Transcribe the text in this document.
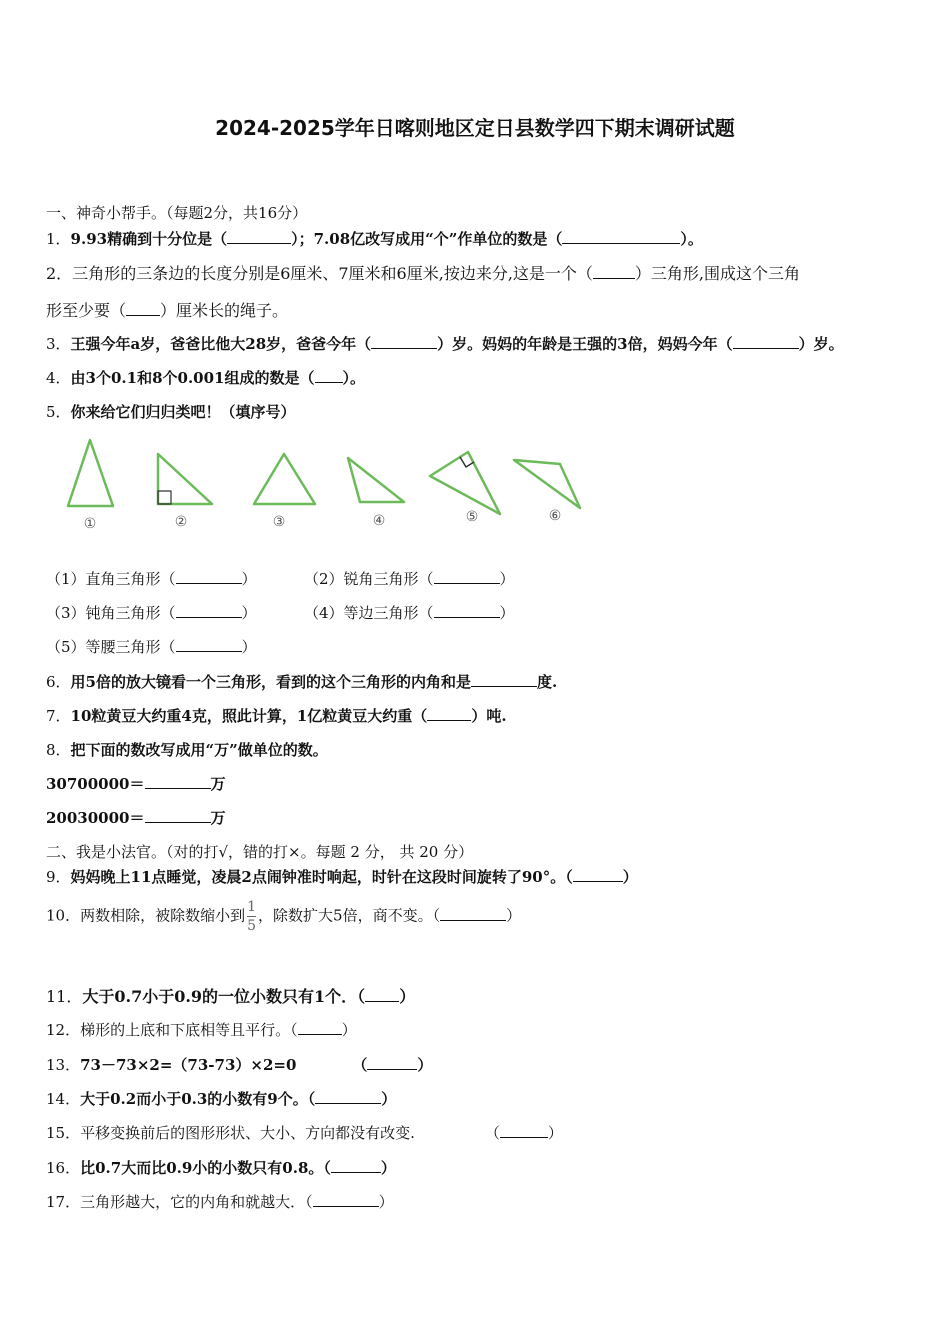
2024-2025学年日喀则地区定日县数学四下期末调研试题
一、神奇小帮手。（每题2分，共16分）
1．9.93精确到十分位是（	）；7.08亿改写成用“个”作单位的数是（	）。
2．三角形的三条边的长度分别是6厘米、7厘米和6厘米,按边来分,这是一个（	）三角形,围成这个三角
形至少要（ ）厘米长的绳子。
3．王强今年a岁，爸爸比他大28岁，爸爸今年（	）岁。妈妈的年龄是王强的3倍，妈妈今年（	）岁。
4．由3个0.1和8个0.001组成的数是（ ）。
5．你来给它们归归类吧！（填序号）
①	②	③	④	⑤	⑥
（1）直角三角形（	）	（2）锐角三角形（	）
（3）钝角三角形（	）	（4）等边三角形（	）
（5）等腰三角形（	）
6．用5倍的放大镜看一个三角形，看到的这个三角形的内角和是	度.
7．10粒黄豆大约重4克，照此计算，1亿粒黄豆大约重（	）吨.
8．把下面的数改写成用“万”做单位的数。
30700000＝	万
20030000＝	万
二、我是小法官。（对的打√，错的打×。每题 2 分， 共 20 分）
9．妈妈晚上11点睡觉，凌晨2点闹钟准时响起，时针在这段时间旋转了90°。（	）
10．两数相除，被除数缩小到 $\frac{1}{5}$ ，除数扩大5倍，商不变。（	）
11．大于0.7小于0.9的一位小数只有1个．（ ）
12．梯形的上底和下底相等且平行。（	）
13．73－73×2=（73-73）×2=0	（	）
14．大于0.2而小于0.3的小数有9个。（	）
15．平移变换前后的图形形状、大小、方向都没有改变.	（	）
16．比0.7大而比0.9小的小数只有0.8。（	）
17．三角形越大，它的内角和就越大．（	）
